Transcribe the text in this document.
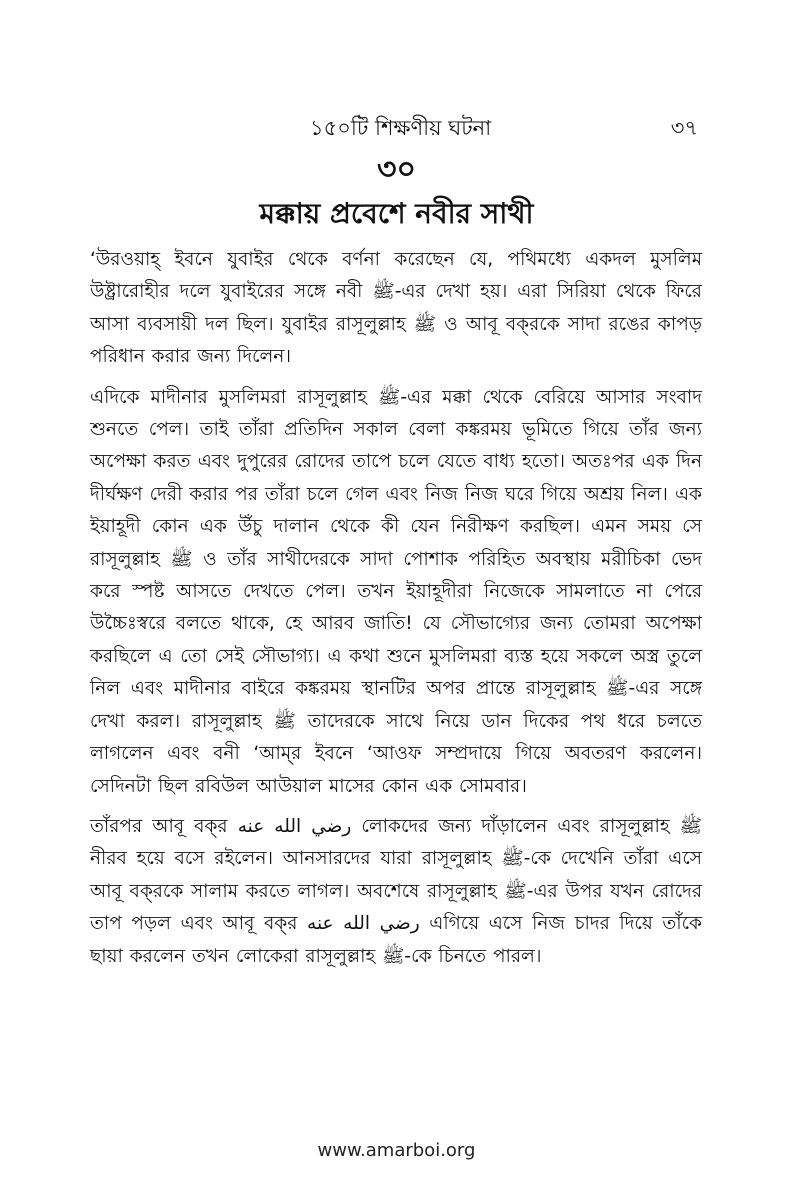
১৫০টি শিক্ষণীয় ঘটনা	৩৭
৩০
মক্কায় প্রবেশে নবীর সাথী

‘উরওয়াহ্ ইবনে যুবাইর থেকে বর্ণনা করেছেন যে, পথিমধ্যে একদল মুসলিম উষ্ট্রারোহীর দলে যুবাইরের সঙ্গে নবী ﷺ-এর দেখা হয়। এরা সিরিয়া থেকে ফিরে আসা ব্যবসায়ী দল ছিল। যুবাইর রাসূলুল্লাহ ﷺ ও আবূ বক্‌রকে সাদা রঙের কাপড় পরিধান করার জন্য দিলেন।

এদিকে মাদীনার মুসলিমরা রাসূলুল্লাহ ﷺ-এর মক্কা থেকে বেরিয়ে আসার সংবাদ শুনতে পেল। তাই তাঁরা প্রতিদিন সকাল বেলা কঙ্করময় ভূমিতে গিয়ে তাঁর জন্য অপেক্ষা করত এবং দুপুরের রোদের তাপে চলে যেতে বাধ্য হতো। অতঃপর এক দিন দীর্ঘক্ষণ দেরী করার পর তাঁরা চলে গেল এবং নিজ নিজ ঘরে গিয়ে অশ্রয় নিল। এক ইয়াহূদী কোন এক উঁচু দালান থেকে কী যেন নিরীক্ষণ করছিল। এমন সময় সে রাসূলুল্লাহ ﷺ ও তাঁর সাথীদেরকে সাদা পোশাক পরিহিত অবস্থায় মরীচিকা ভেদ করে স্পষ্ট আসতে দেখতে পেল। তখন ইয়াহূদীরা নিজেকে সামলাতে না পেরে উচ্চৈঃস্বরে বলতে থাকে, হে আরব জাতি! যে সৌভাগ্যের জন্য তোমরা অপেক্ষা করছিলে এ তো সেই সৌভাগ্য। এ কথা শুনে মুসলিমরা ব্যস্ত হয়ে সকলে অস্ত্র তুলে নিল এবং মাদীনার বাইরে কঙ্করময় স্থানটির অপর প্রান্তে রাসূলুল্লাহ ﷺ-এর সঙ্গে দেখা করল। রাসূলুল্লাহ ﷺ তাদেরকে সাথে নিয়ে ডান দিকের পথ ধরে চলতে লাগলেন এবং বনী ‘আম্‌র ইবনে ‘আওফ সম্প্রদায়ে গিয়ে অবতরণ করলেন। সেদিনটা ছিল রবিউল আউয়াল মাসের কোন এক সোমবার।

তাঁরপর আবূ বক্‌র رضي الله عنه লোকদের জন্য দাঁড়ালেন এবং রাসূলুল্লাহ ﷺ নীরব হয়ে বসে রইলেন। আনসারদের যারা রাসূলুল্লাহ ﷺ-কে দেখেনি তাঁরা এসে আবূ বক্‌রকে সালাম করতে লাগল। অবশেষে রাসূলুল্লাহ ﷺ-এর উপর যখন রোদের তাপ পড়ল এবং আবূ বক্‌র رضي الله عنه এগিয়ে এসে নিজ চাদর দিয়ে তাঁকে ছায়া করলেন তখন লোকেরা রাসূলুল্লাহ ﷺ-কে চিনতে পারল।

www.amarboi.org
